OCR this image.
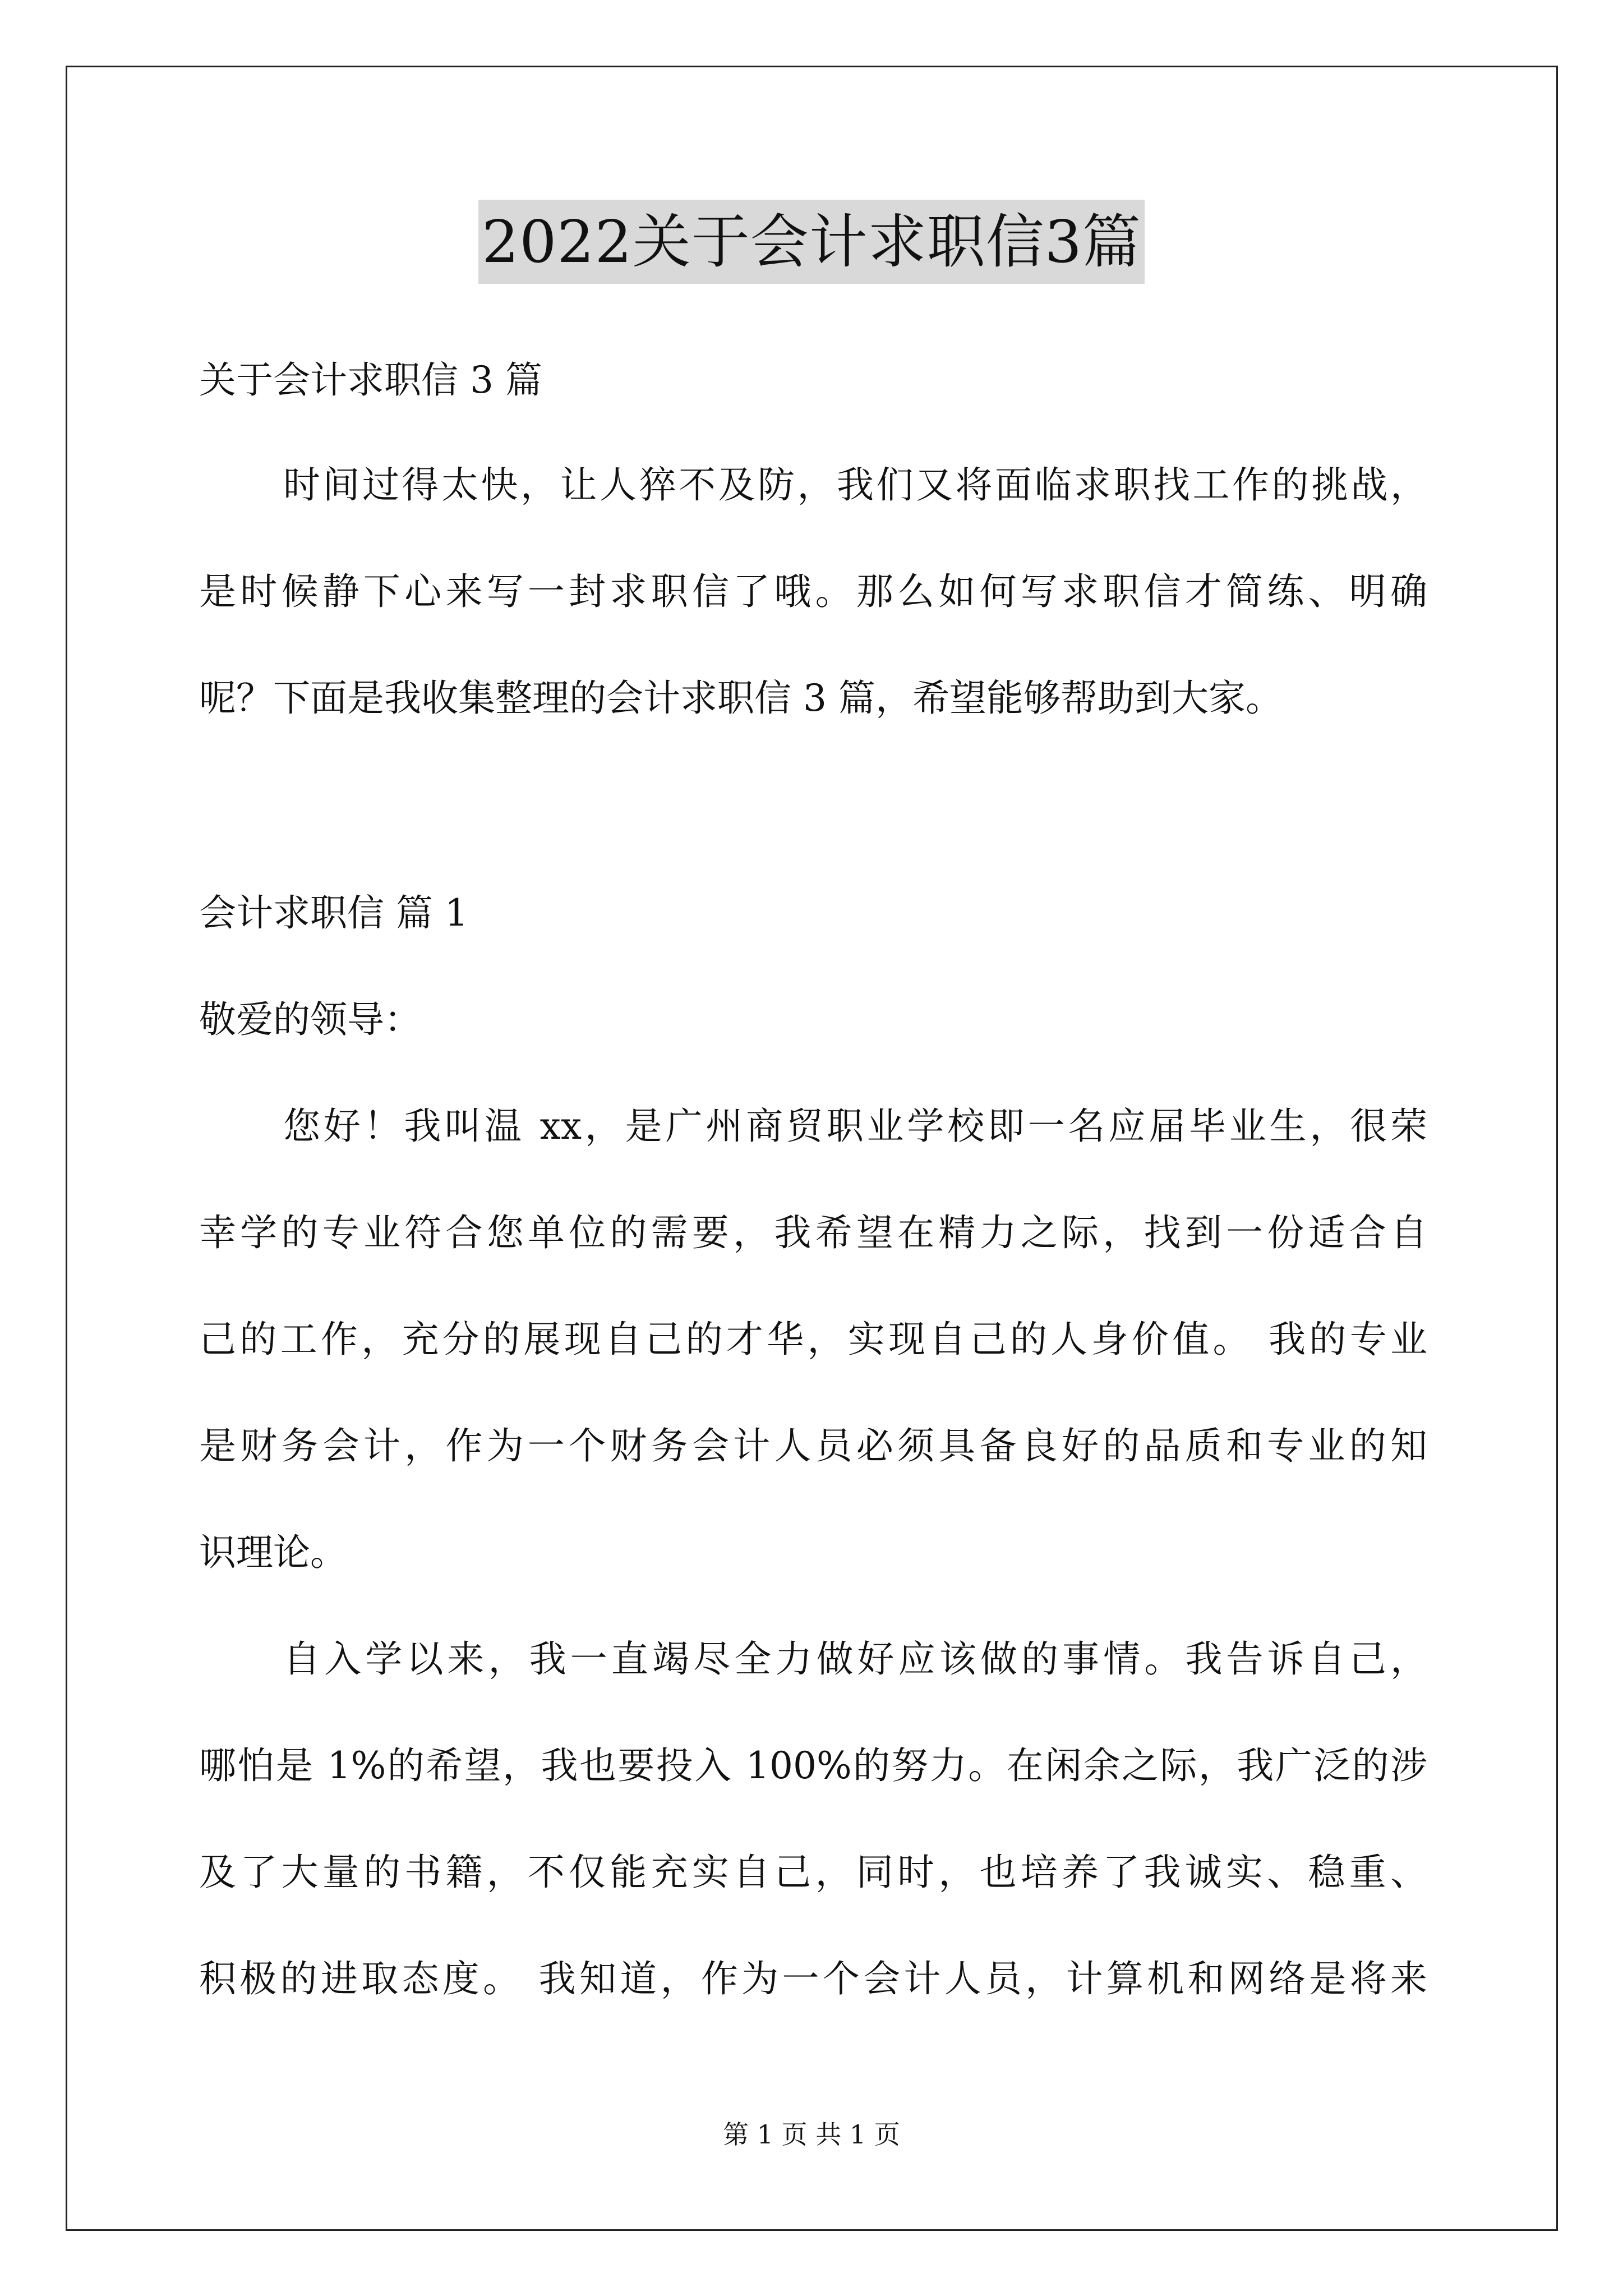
2022关于会计求职信3篇
关于会计求职信 3 篇
时间过得太快，让人猝不及防，我们又将面临求职找工作的挑战，
是时候静下心来写一封求职信了哦。那么如何写求职信才简练、明确
呢？下面是我收集整理的会计求职信 3 篇，希望能够帮助到大家。
会计求职信 篇 1
敬爱的领导：
您好！我叫温 xx，是广州商贸职业学校即一名应届毕业生，很荣
幸学的专业符合您单位的需要，我希望在精力之际，找到一份适合自
己的工作，充分的展现自己的才华，实现自己的人身价值。 我的专业
是财务会计，作为一个财务会计人员必须具备良好的品质和专业的知
识理论。
自入学以来，我一直竭尽全力做好应该做的事情。我告诉自己，
哪怕是 1%的希望，我也要投入 100%的努力。在闲余之际，我广泛的涉
及了大量的书籍，不仅能充实自己，同时，也培养了我诚实、稳重、
积极的进取态度。 我知道，作为一个会计人员，计算机和网络是将来
第 1 页 共 1 页
